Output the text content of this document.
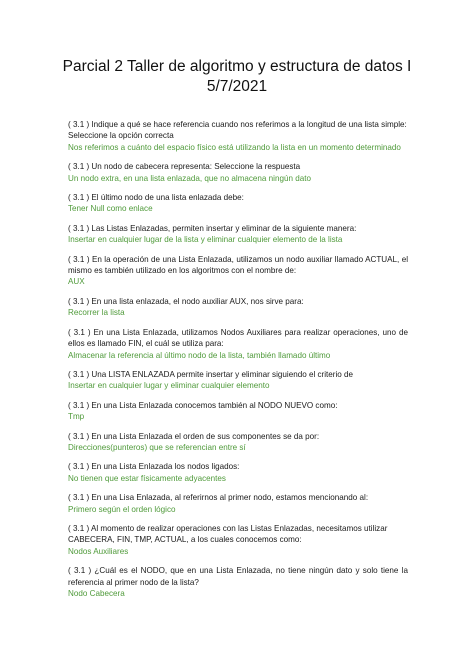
Parcial 2 Taller de algoritmo y estructura de datos I
5/7/2021

( 3.1 ) Indique a qué se hace referencia cuando nos referimos a la longitud de una lista simple: Seleccione la opción correcta

Nos referimos a cuánto del espacio físico está utilizando la lista en un momento determinado

( 3.1 ) Un nodo de cabecera representa: Seleccione la respuesta

Un nodo extra, en una lista enlazada, que no almacena ningún dato

( 3.1 ) El último nodo de una lista enlazada debe:

Tener Null como enlace

( 3.1 ) Las Listas Enlazadas, permiten insertar y eliminar de la siguiente manera:

Insertar en cualquier lugar de la lista y eliminar cualquier elemento de la lista

( 3.1 ) En la operación de una Lista Enlazada, utilizamos un nodo auxiliar llamado ACTUAL, el mismo es también utilizado en los algoritmos con el nombre de:

AUX

( 3.1 ) En una lista enlazada, el nodo auxiliar AUX, nos sirve para:

Recorrer la lista

( 3.1 ) En una Lista Enlazada, utilizamos Nodos Auxiliares para realizar operaciones, uno de ellos es llamado FIN, el cuál se utiliza para:

Almacenar la referencia al último nodo de la lista, también llamado último

( 3.1 ) Una LISTA ENLAZADA permite insertar y eliminar siguiendo el criterio de

Insertar en cualquier lugar y eliminar cualquier elemento

( 3.1 ) En una Lista Enlazada conocemos también al NODO NUEVO como:

Tmp

( 3.1 ) En una Lista Enlazada el orden de sus componentes se da por:

Direcciones(punteros) que se referencian entre sí

( 3.1 ) En una Lista Enlazada los nodos ligados:

No tienen que estar físicamente adyacentes

( 3.1 ) En una Lisa Enlazada, al referirnos al primer nodo, estamos mencionando al:

Primero según el orden lógico

( 3.1 ) Al momento de realizar operaciones con las Listas Enlazadas, necesitamos utilizar CABECERA, FIN, TMP, ACTUAL, a los cuales conocemos como:

Nodos Auxiliares

( 3.1 ) ¿Cuál es el NODO, que en una Lista Enlazada, no tiene ningún dato y solo tiene la referencia al primer nodo de la lista?

Nodo Cabecera
